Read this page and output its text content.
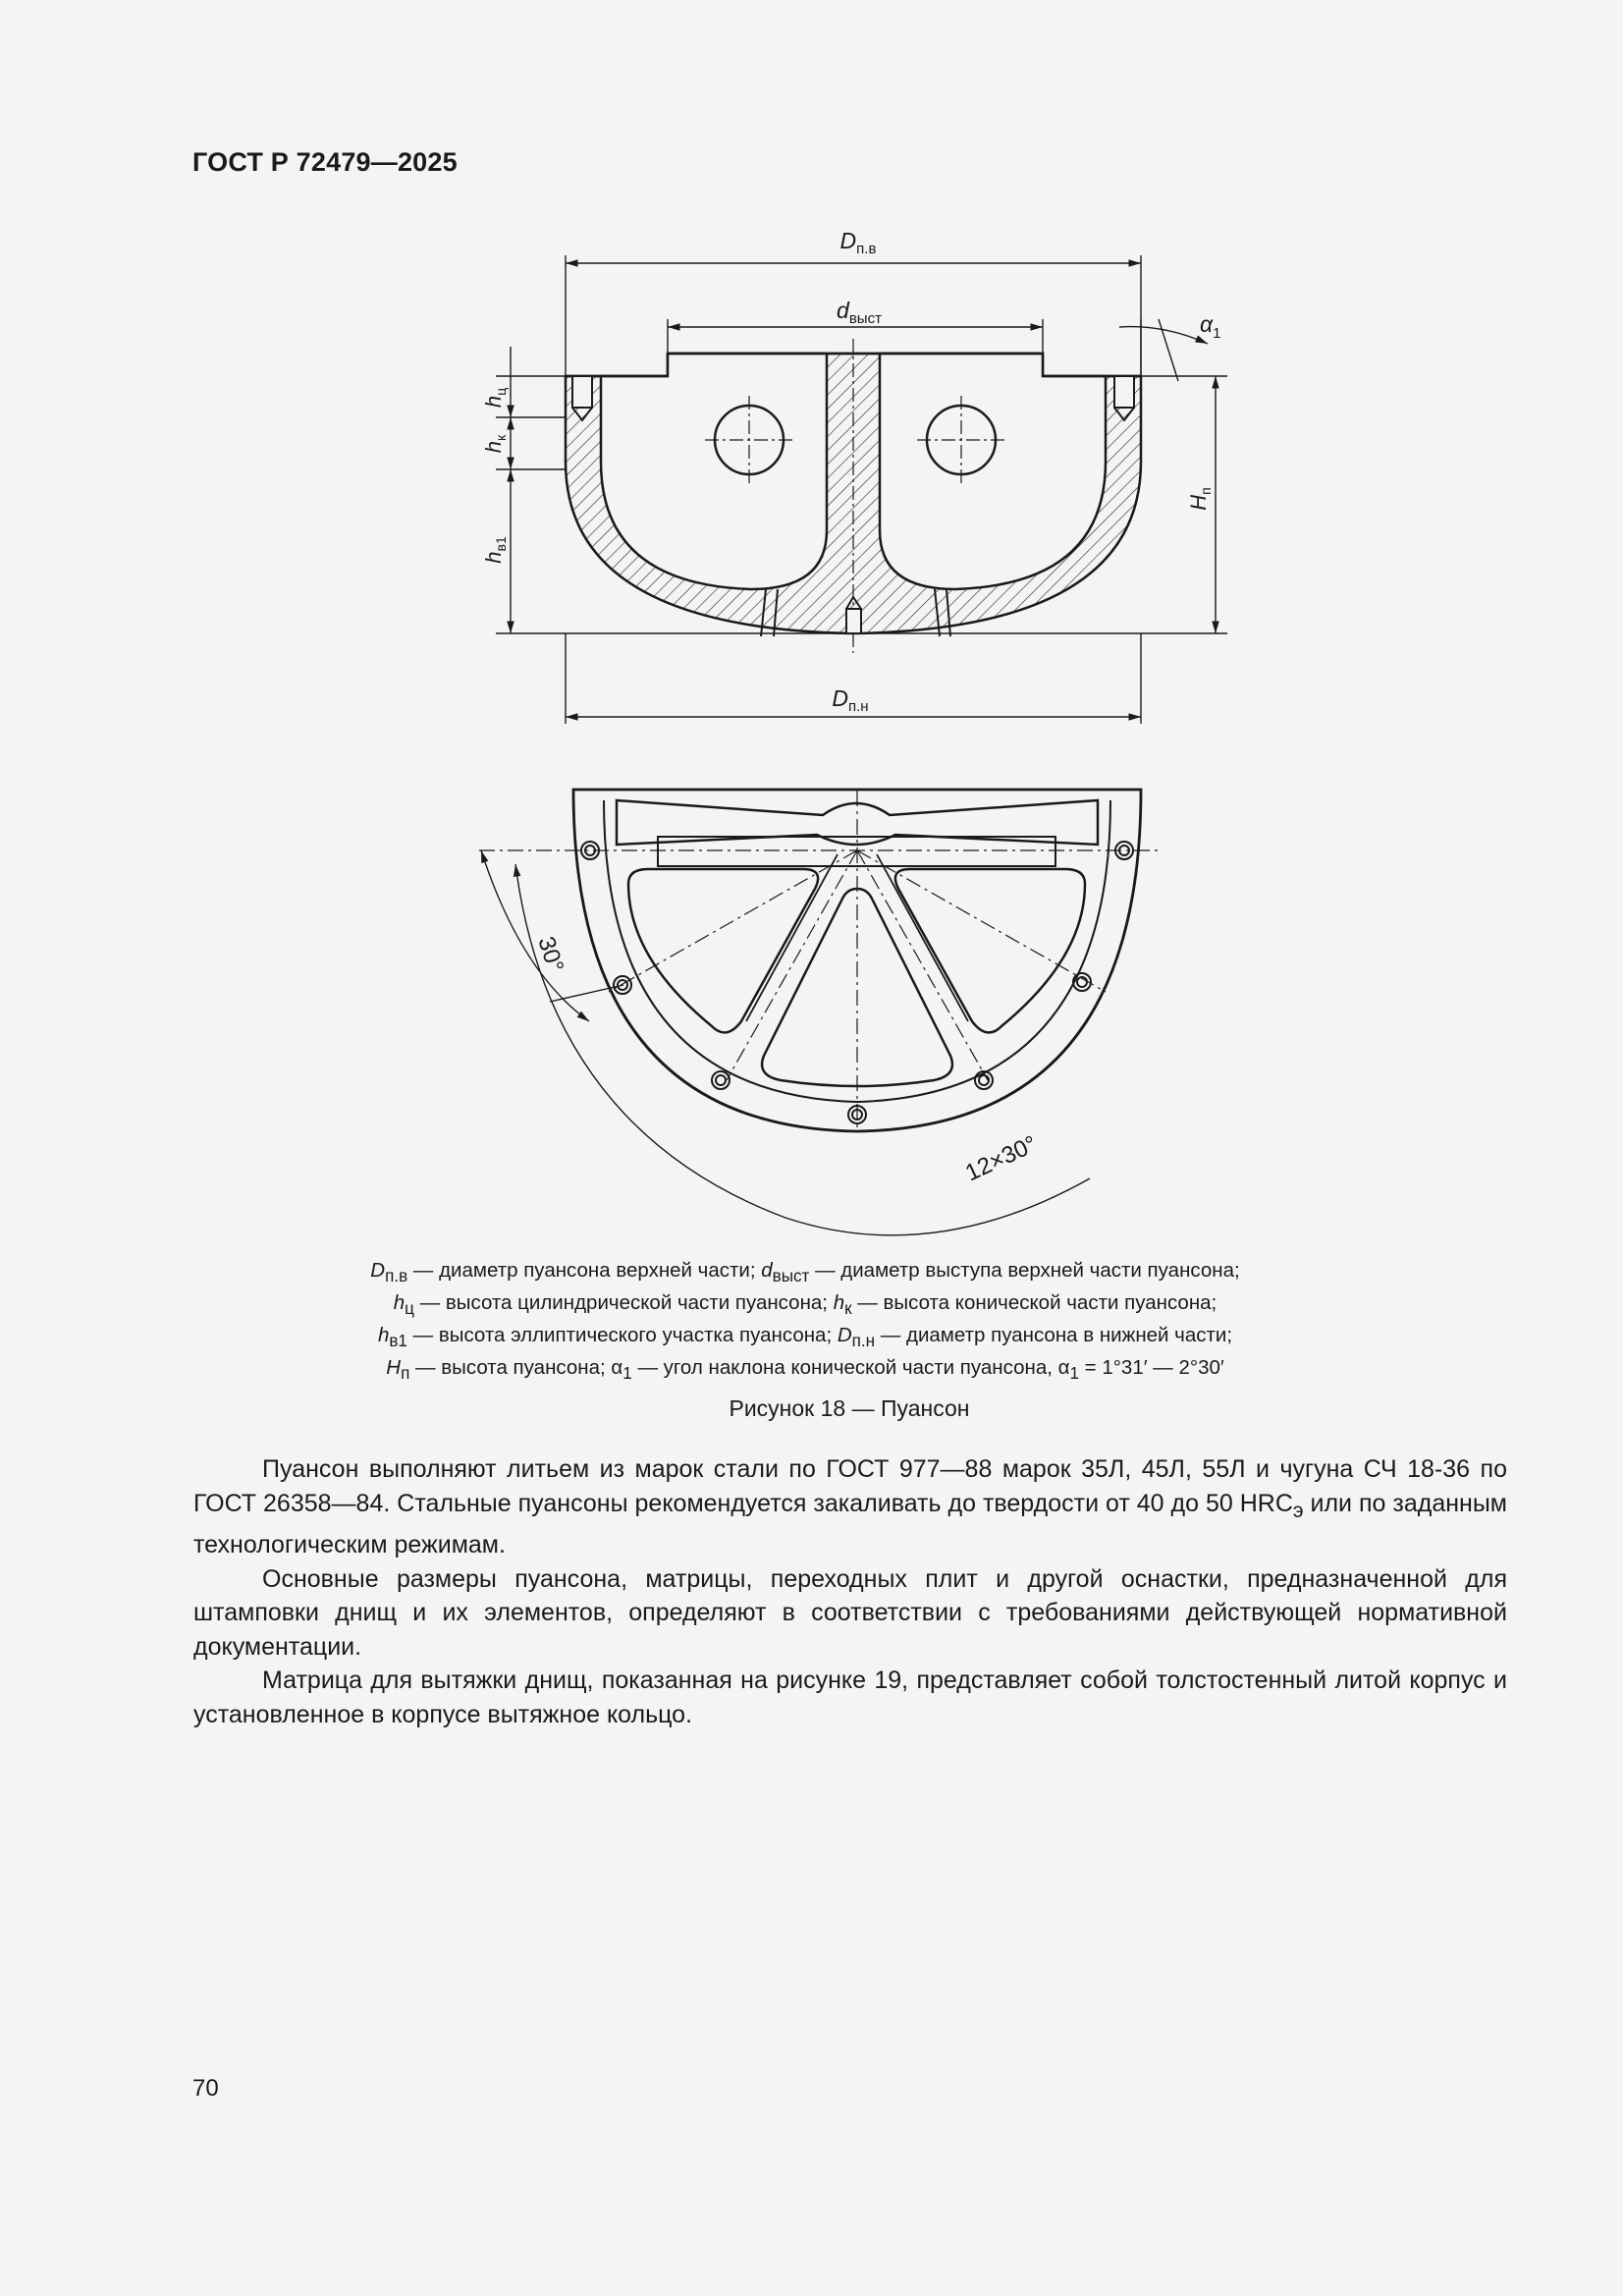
ГОСТ Р 72479—2025
$D_{п.в}$
$d_{выст}$	$\alpha_1$
$D_{п.н}$
$h_ц$
$h_к$
$h_{в1}$
$H_п$
30°
12×30°
$D_{п.в}$ — диаметр пуансона верхней части; $d_{выст}$ — диаметр выступа верхней части пуансона;
$h_ц$ — высота цилиндрической части пуансона; $h_к$ — высота конической части пуансона;
$h_{в1}$ — высота эллиптического участка пуансона; $D_{п.н}$ — диаметр пуансона в нижней части;
$H_п$ — высота пуансона; $\alpha_1$ — угол наклона конической части пуансона, $\alpha_1 = 1^\circ 31'$ — 2°30′
Рисунок 18 — Пуансон

Пуансон выполняют литьем из марок стали по ГОСТ 977—88 марок 35Л, 45Л, 55Л и чугуна СЧ 18-36 по ГОСТ 26358—84. Стальные пуансоны рекомендуется закаливать до твердости от 40 до 50 $HRC_э$ или по заданным технологическим режимам.

Основные размеры пуансона, матрицы, переходных плит и другой оснастки, предназначенной для штамповки днищ и их элементов, определяют в соответствии с требованиями действующей нормативной документации.

Матрица для вытяжки днищ, показанная на рисунке 19, представляет собой толстостенный литой корпус и установленное в корпусе вытяжное кольцо.

70
